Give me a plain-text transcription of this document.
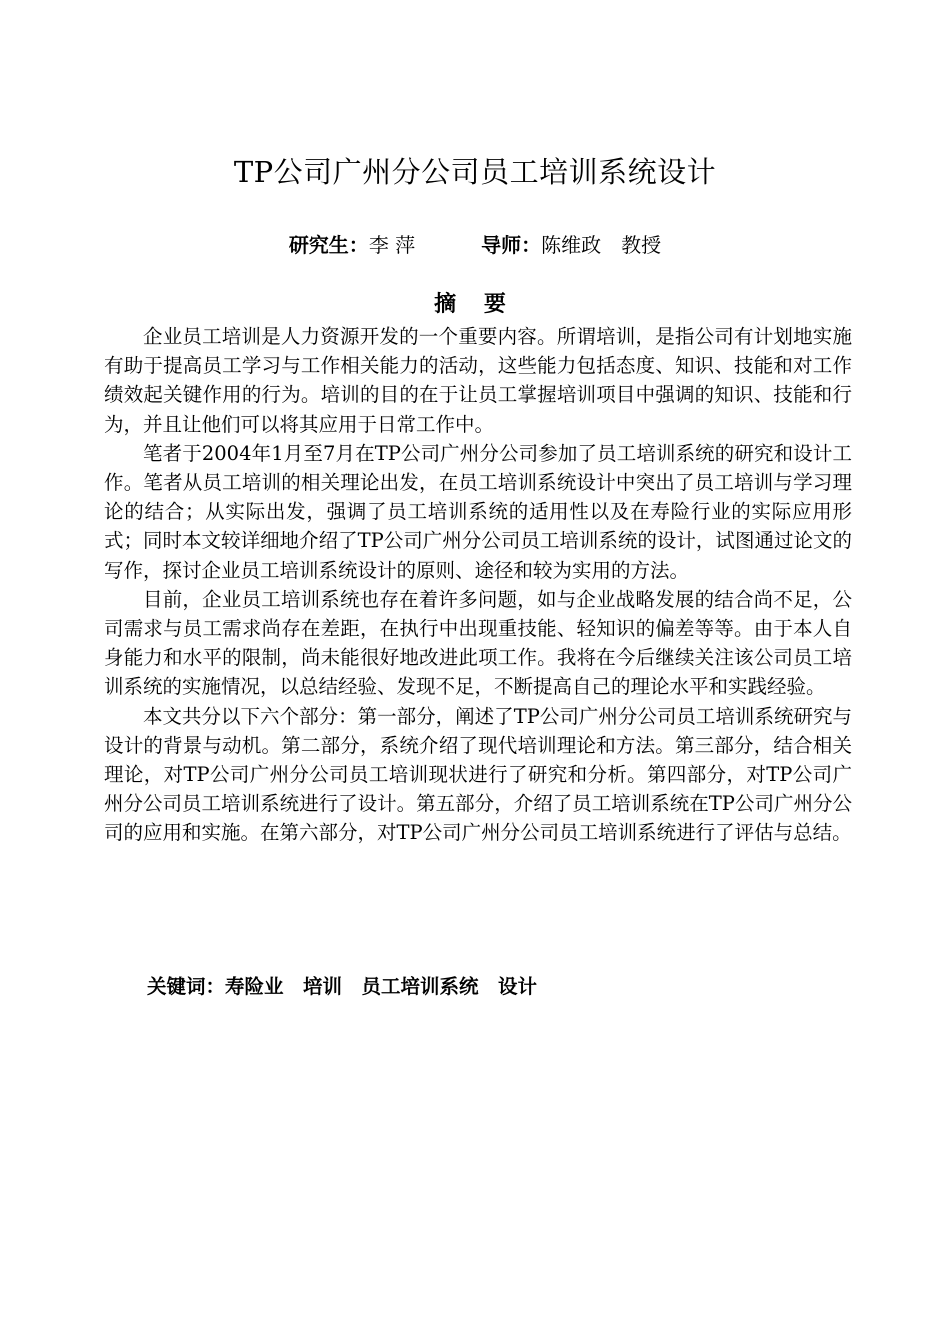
TP公司广州分公司员工培训系统设计
研究生：李 萍	导师：陈维政　教授
摘 要

企业员工培训是人力资源开发的一个重要内容。所谓培训，是指公司有计划地实施有助于提高员工学习与工作相关能力的活动，这些能力包括态度、知识、技能和对工作绩效起关键作用的行为。培训的目的在于让员工掌握培训项目中强调的知识、技能和行为，并且让他们可以将其应用于日常工作中。

笔者于2004年1月至7月在TP公司广州分公司参加了员工培训系统的研究和设计工作。笔者从员工培训的相关理论出发，在员工培训系统设计中突出了员工培训与学习理论的结合；从实际出发，强调了员工培训系统的适用性以及在寿险行业的实际应用形式；同时本文较详细地介绍了TP公司广州分公司员工培训系统的设计，试图通过论文的写作，探讨企业员工培训系统设计的原则、途径和较为实用的方法。

目前，企业员工培训系统也存在着许多问题，如与企业战略发展的结合尚不足，公司需求与员工需求尚存在差距，在执行中出现重技能、轻知识的偏差等等。由于本人自身能力和水平的限制，尚未能很好地改进此项工作。我将在今后继续关注该公司员工培训系统的实施情况，以总结经验、发现不足，不断提高自己的理论水平和实践经验。

本文共分以下六个部分：第一部分，阐述了TP公司广州分公司员工培训系统研究与设计的背景与动机。第二部分，系统介绍了现代培训理论和方法。第三部分，结合相关理论，对TP公司广州分公司员工培训现状进行了研究和分析。第四部分，对TP公司广州分公司员工培训系统进行了设计。第五部分，介绍了员工培训系统在TP公司广州分公司的应用和实施。在第六部分，对TP公司广州分公司员工培训系统进行了评估与总结。

关键词：寿险业　培训　员工培训系统　设计
